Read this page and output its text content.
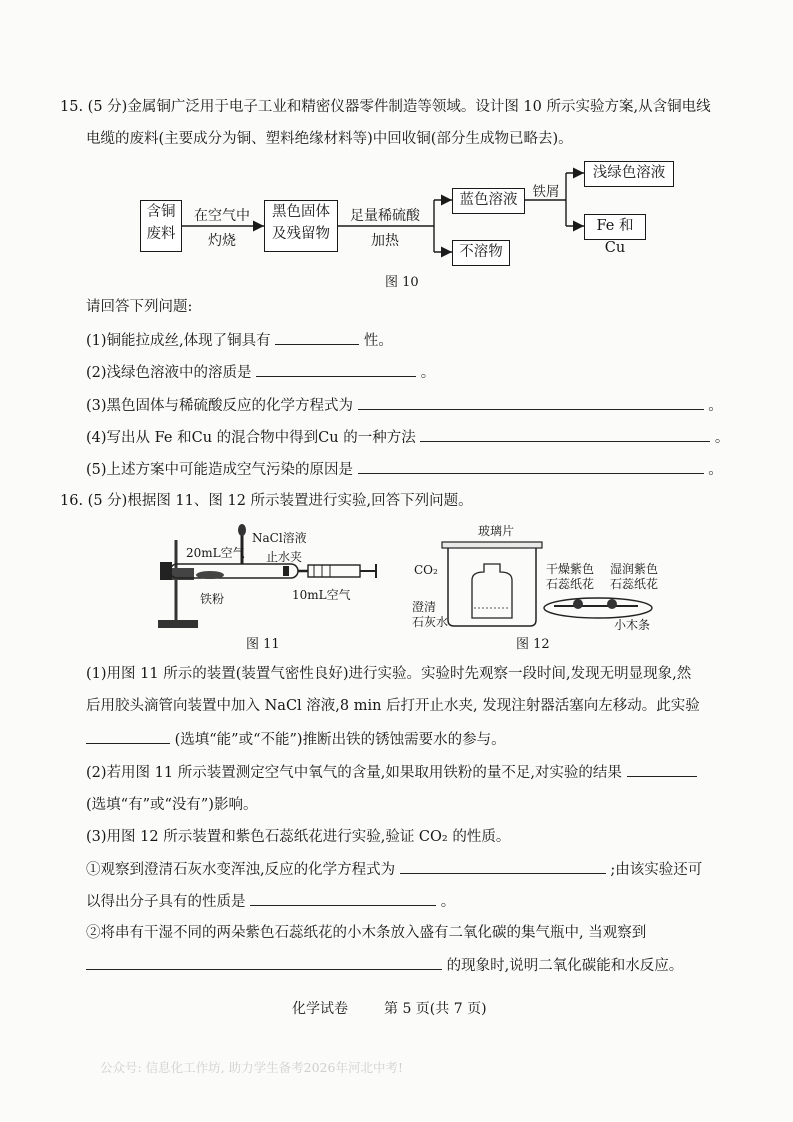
15. (5 分)金属铜广泛用于电子工业和精密仪器零件制造等领域。设计图 10 所示实验方案,从含铜电线
电缆的废料(主要成分为铜、塑料绝缘材料等)中回收铜(部分生成物已略去)。
含铜
废料
在空气中
灼烧
黑色固体
及残留物
足量稀硫酸
加热
蓝色溶液
不溶物
铁屑
浅绿色溶液
Fe 和 Cu
图 10
请回答下列问题:
(1)铜能拉成丝,体现了铜具有	性。
(2)浅绿色溶液中的溶质是	。
(3)黑色固体与稀硫酸反应的化学方程式为	。
(4)写出从 Fe 和Cu 的混合物中得到Cu 的一种方法	。
(5)上述方案中可能造成空气污染的原因是	。
16. (5 分)根据图 11、图 12 所示装置进行实验,回答下列问题。
20mL空气
NaCl溶液
止水夹
铁粉	10mL空气
图 11
玻璃片
CO₂	干燥紫色
石蕊纸花
湿润紫色
石蕊纸花
澄清
石灰水	小木条
图 12
(1)用图 11 所示的装置(装置气密性良好)进行实验。实验时先观察一段时间,发现无明显现象,然
后用胶头滴管向装置中加入 NaCl 溶液,8 min 后打开止水夹, 发现注射器活塞向左移动。此实验
(选填“能”或“不能”)推断出铁的锈蚀需要水的参与。
(2)若用图 11 所示装置测定空气中氧气的含量,如果取用铁粉的量不足,对实验的结果
(选填“有”或“没有”)影响。
(3)用图 12 所示装置和紫色石蕊纸花进行实验,验证 CO₂ 的性质。
①观察到澄清石灰水变浑浊,反应的化学方程式为	;由该实验还可
以得出分子具有的性质是	。
②将串有干湿不同的两朵紫色石蕊纸花的小木条放入盛有二氧化碳的集气瓶中, 当观察到
的现象时,说明二氧化碳能和水反应。
化学试卷	第 5 页(共 7 页)
公众号: 信息化工作坊, 助力学生备考2026年河北中考!
